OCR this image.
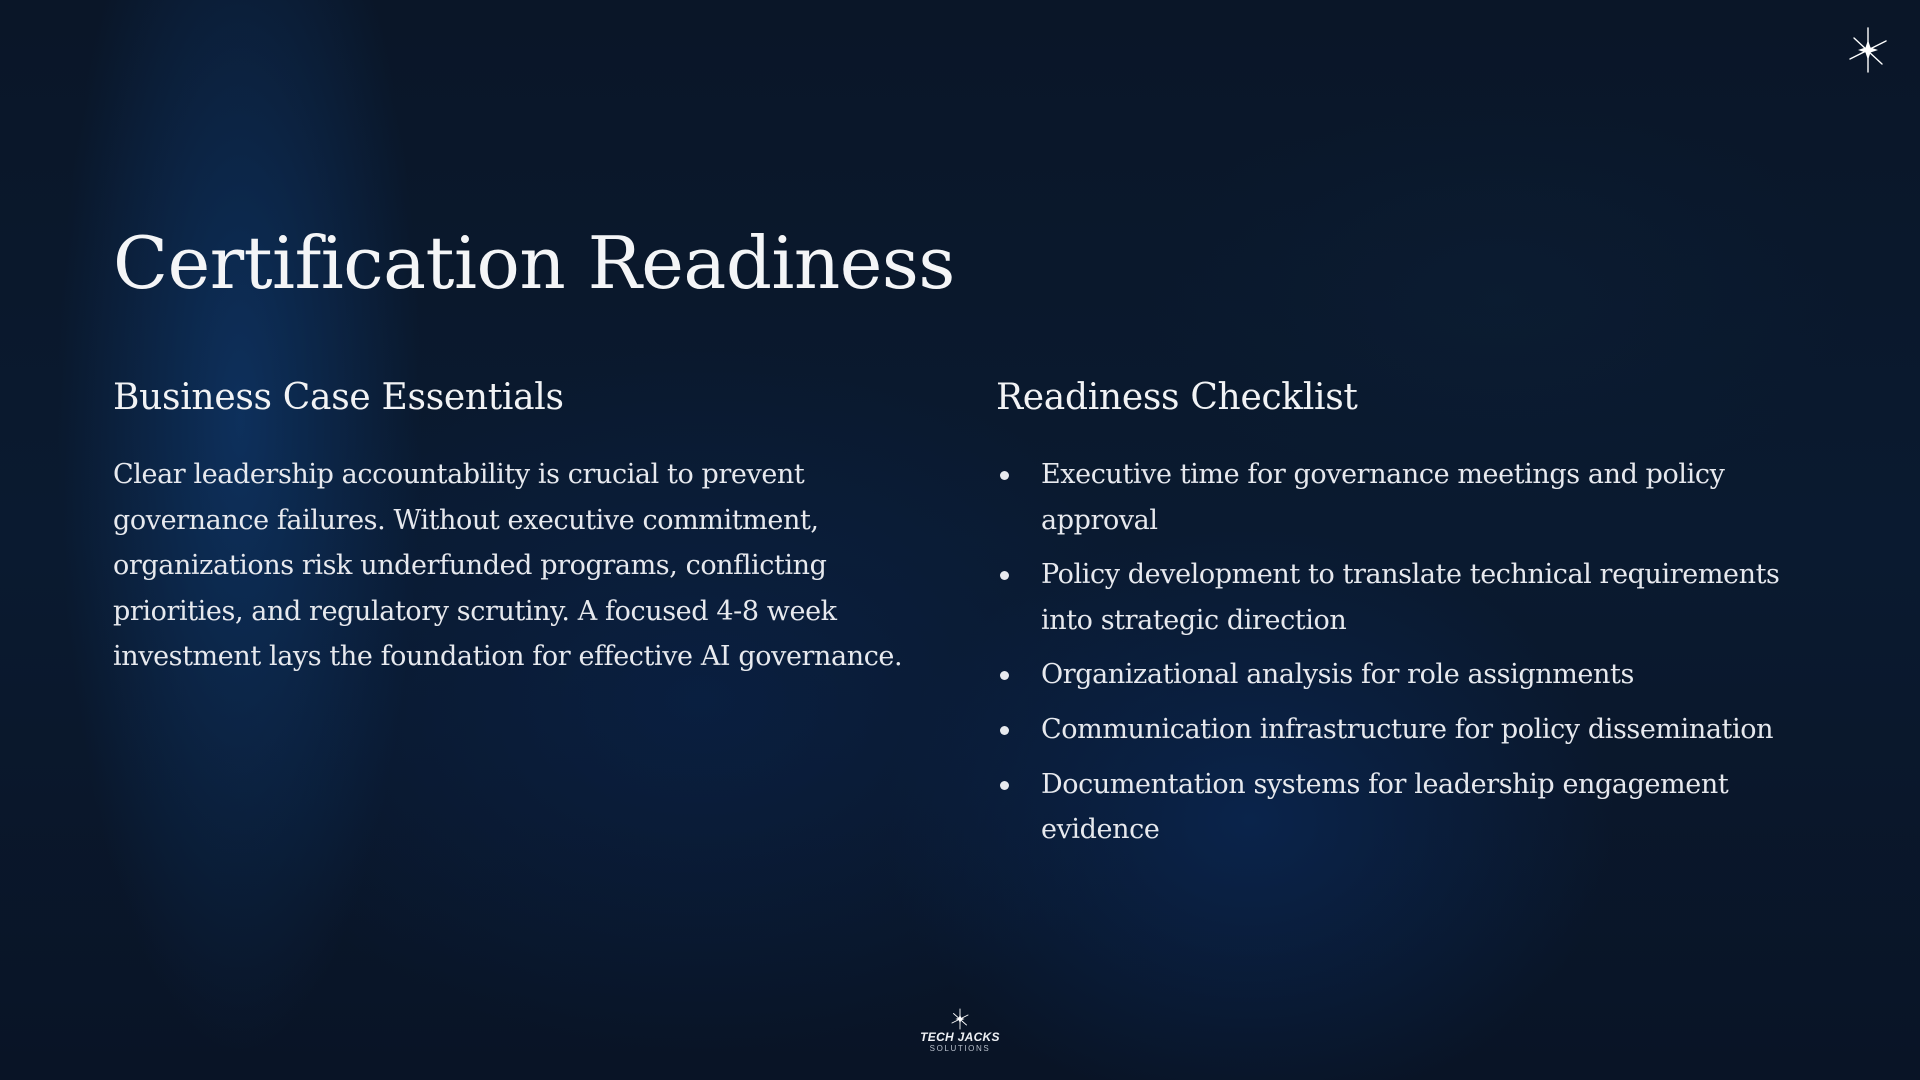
Certification Readiness
Business Case Essentials

Clear leadership accountability is crucial to prevent governance failures. Without executive commitment, organizations risk underfunded programs, conflicting priorities, and regulatory scrutiny. A focused 4-8 week investment lays the foundation for effective AI governance.

Readiness Checklist
Executive time for governance meetings and policy approval
Policy development to translate technical requirements into strategic direction
Organizational analysis for role assignments
Communication infrastructure for policy dissemination
Documentation systems for leadership engagement evidence
TECH JACKS
SOLUTIONS
